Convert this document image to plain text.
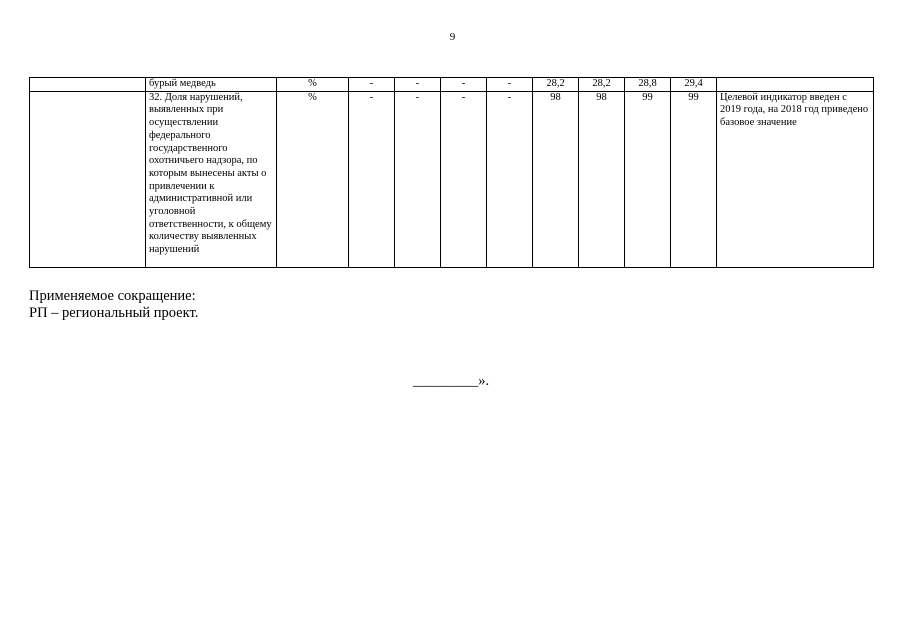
9
	бурый медведь	%	-	-	-	-	28,2	28,2	28,8	29,4	
	32. Доля нарушений, выявленных при осуществлении федерального государственного охотничьего надзора, по которым вынесены акты о привлечении к административной или уголовной ответственности, к общему количеству выявленных нарушений	%	-	-	-	-	98	98	99	99	Целевой индикатор введен с 2019 года, на 2018 год приведено базовое значение
Применяемое сокращение:
РП – региональный проект.
_________».
